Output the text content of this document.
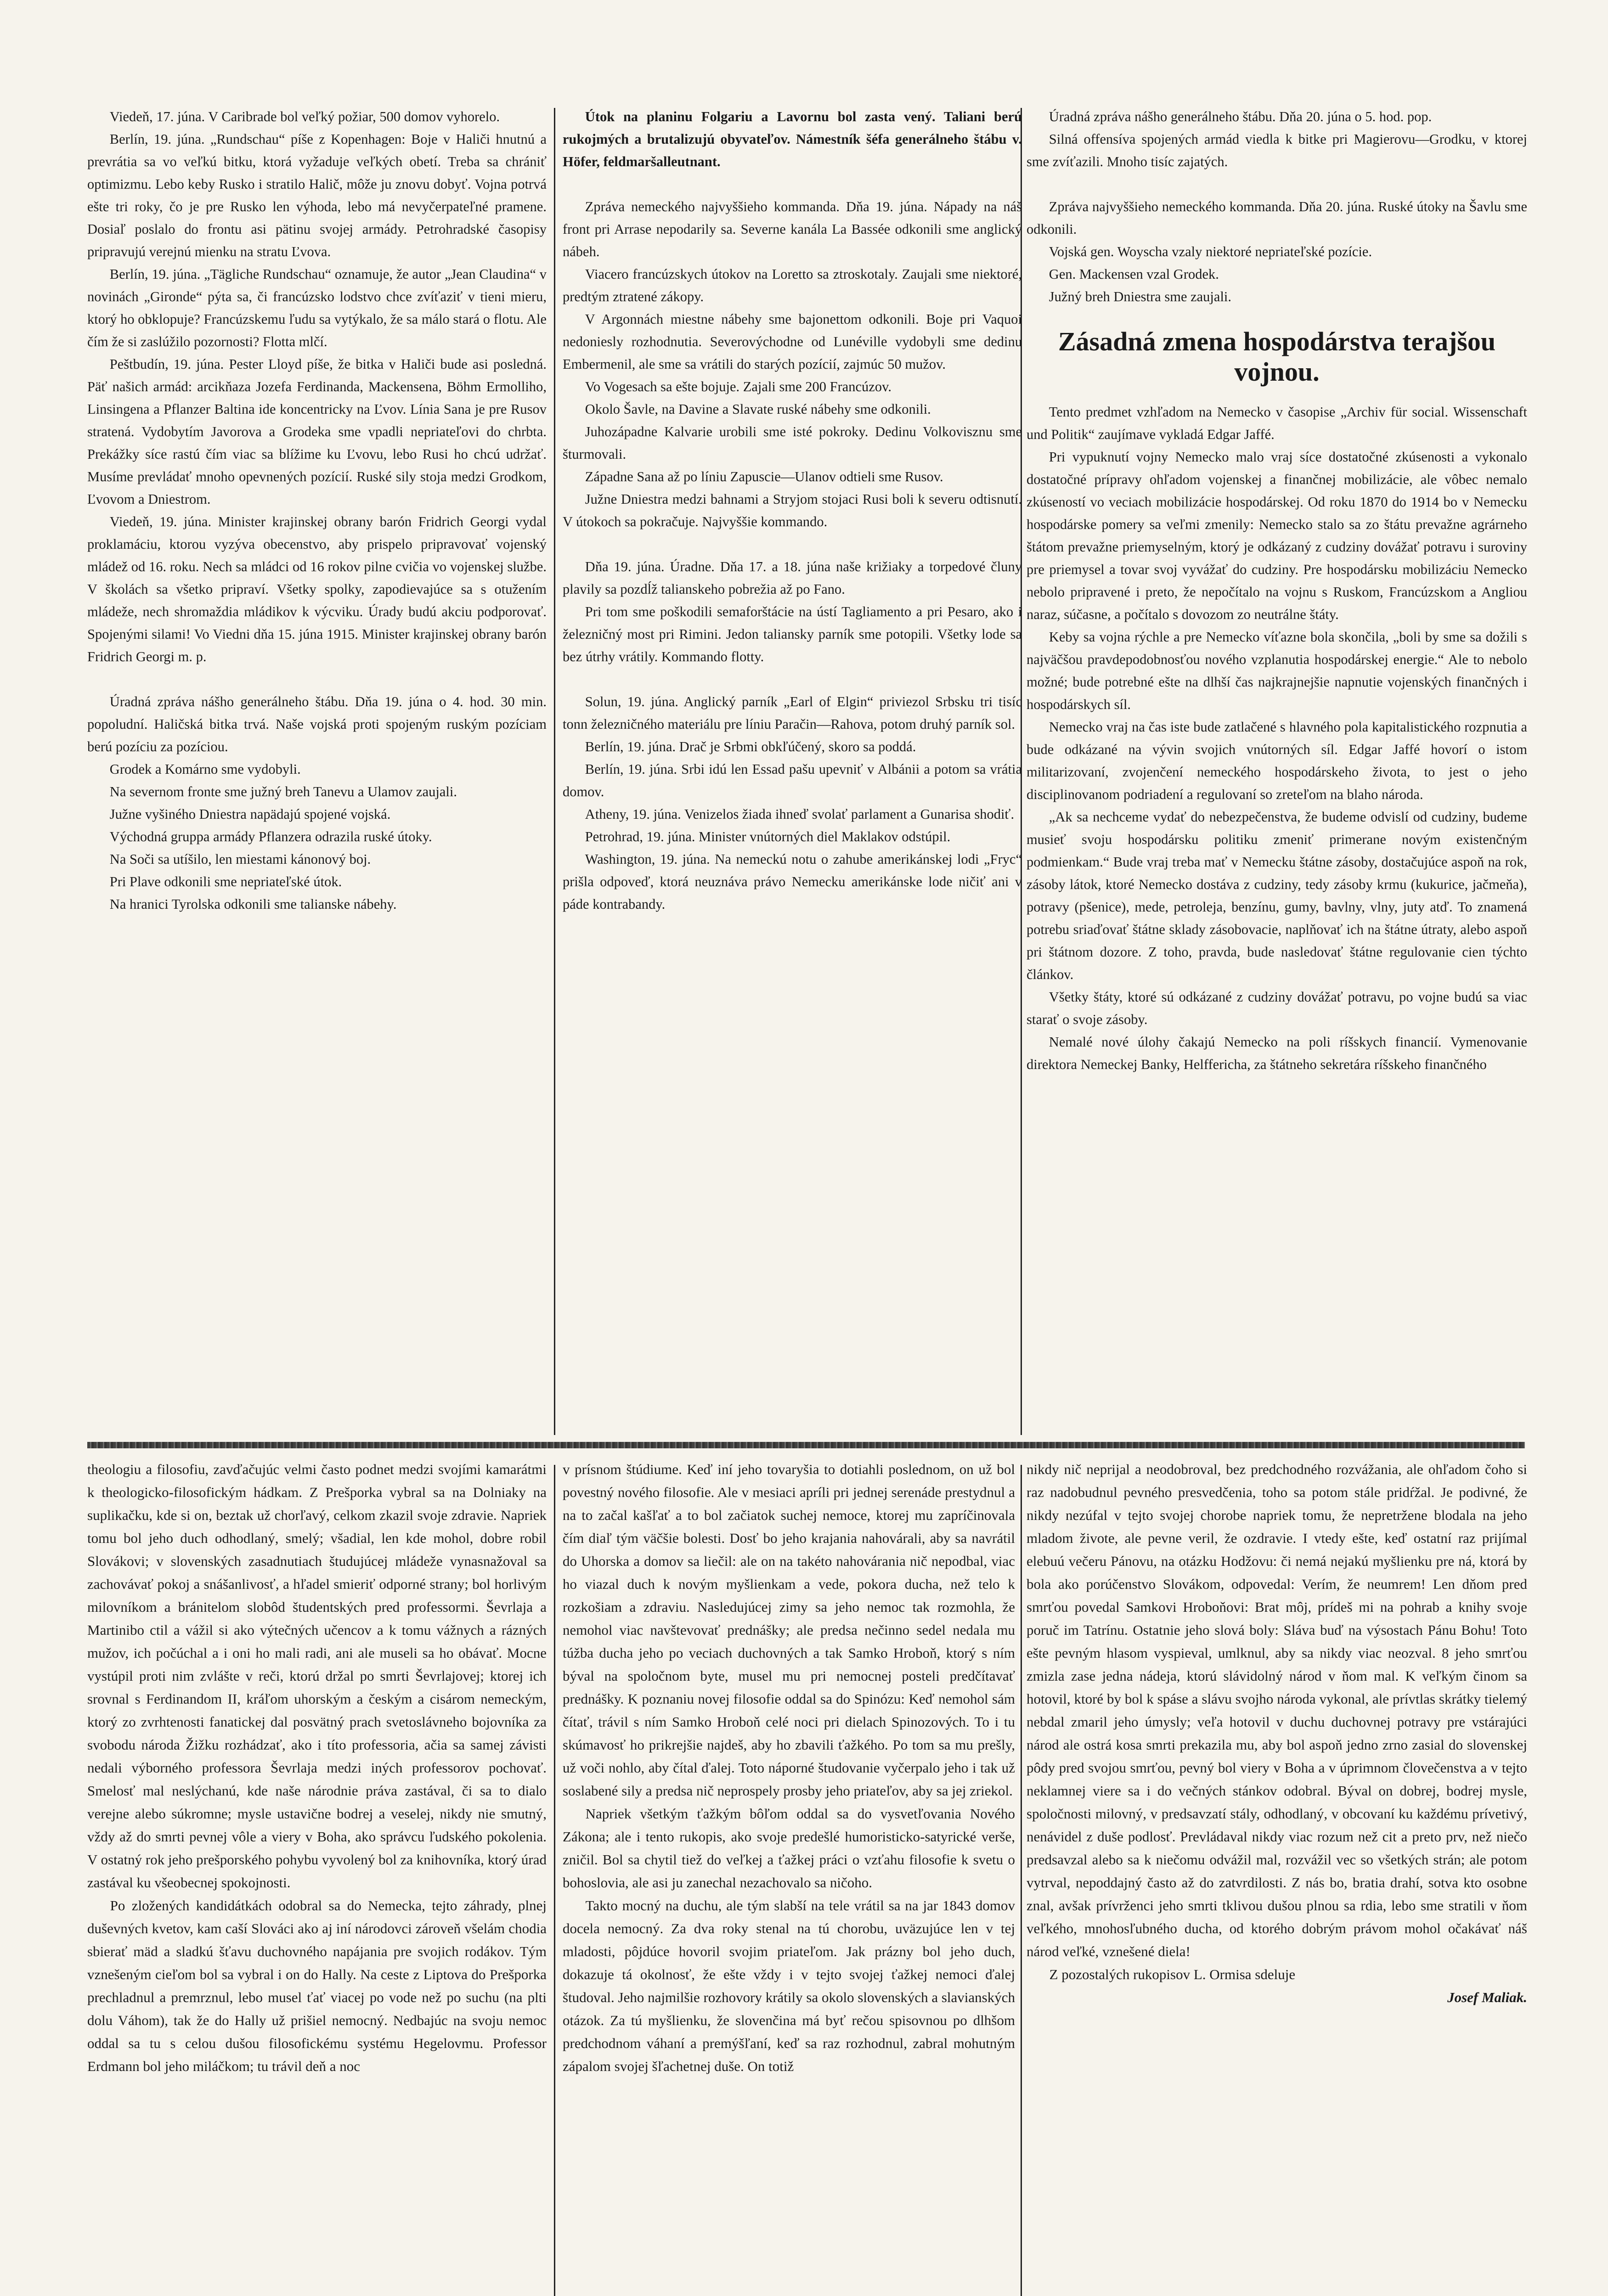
Viedeň, 17. júna. V Caribrade bol veľký požiar, 500 domov vyhorelo.

Berlín, 19. júna. „Rundschau“ píše z Kopenhagen: Boje v Haliči hnutnú a prevrátia sa vo veľkú bitku, ktorá vyžaduje veľkých obetí. Treba sa chrániť optimizmu. Lebo keby Rusko i stratilo Halič, môže ju znovu dobyť. Vojna potrvá ešte tri roky, čo je pre Rusko len výhoda, lebo má nevyčerpateľné pramene. Dosiaľ poslalo do frontu asi pätinu svojej armády. Petrohradské časopisy pripravujú verejnú mienku na stratu Ľvova.

Berlín, 19. júna. „Tägliche Rundschau“ oznamuje, že autor „Jean Claudina“ v novinách „Gironde“ pýta sa, či francúzsko lodstvo chce zvíťaziť v tieni mieru, ktorý ho obklopuje? Francúzskemu ľudu sa vytýkalo, že sa málo stará o flotu. Ale čím že si zaslúžilo pozornosti? Flotta mlčí.

Peštbudín, 19. júna. Pester Lloyd píše, že bitka v Haliči bude asi posledná. Päť našich armád: arcikňaza Jozefa Ferdinanda, Mackensena, Böhm Ermolliho, Linsingena a Pflanzer Baltina ide koncentricky na Ľvov. Línia Sana je pre Rusov stratená. Vydobytím Javorova a Grodeka sme vpadli nepriateľovi do chrbta. Prekážky síce rastú čím viac sa blížime ku Ľvovu, lebo Rusi ho chcú udržať. Musíme prevládať mnoho opevnených pozícií. Ruské sily stoja medzi Grodkom, Ľvovom a Dniestrom.

Viedeň, 19. júna. Minister krajinskej obrany barón Fridrich Georgi vydal proklamáciu, ktorou vyzýva obecenstvo, aby prispelo pripravovať vojenský mládež od 16. roku. Nech sa mládci od 16 rokov pilne cvičia vo vojenskej službe. V školách sa všetko pripraví. Všetky spolky, zapodievajúce sa s otužením mládeže, nech shromaždia mládikov k výcviku. Úrady budú akciu podporovať. Spojenými silami! Vo Viedni dňa 15. júna 1915. Minister krajinskej obrany barón Fridrich Georgi m. p.

Úradná zpráva nášho generálneho štábu. Dňa 19. júna o 4. hod. 30 min. popoludní. Haličská bitka trvá. Naše vojská proti spojeným ruským pozíciam berú pozíciu za pozíciou.

Grodek a Komárno sme vydobyli.

Na severnom fronte sme južný breh Tanevu a Ulamov zaujali.

Južne vyšiného Dniestra napädajú spojené vojská.

Východná gruppa armády Pflanzera odrazila ruské útoky.

Na Soči sa utíšilo, len miestami kánonový boj.

Pri Plave odkonili sme nepriateľské útok.

Na hranici Tyrolska odkonili sme talianske nábehy.

Útok na planinu Folgariu a Lavornu bol zasta vený. Taliani berú rukojmých a brutalizujú obyvateľov. Námestník šéfa generálneho štábu v. Höfer, feldmaršalleutnant.

Zpráva nemeckého najvyššieho kommanda. Dňa 19. júna. Nápady na náš front pri Arrase nepodarily sa. Severne kanála La Bassée odkonili sme anglický nábeh.

Viacero francúzskych útokov na Loretto sa ztroskotaly. Zaujali sme niektoré, predtým ztratené zákopy.

V Argonnách miestne nábehy sme bajonettom odkonili. Boje pri Vaquoi nedoniesly rozhodnutia. Severovýchodne od Lunéville vydobyli sme dedinu Embermenil, ale sme sa vrátili do starých pozícií, zajmúc 50 mužov.

Vo Vogesach sa ešte bojuje. Zajali sme 200 Francúzov.

Okolo Šavle, na Davine a Slavate ruské nábehy sme odkonili.

Juhozápadne Kalvarie urobili sme isté pokroky. Dedinu Volkovisznu sme šturmovali.

Západne Sana až po líniu Zapuscie—Ulanov odtieli sme Rusov.

Južne Dniestra medzi bahnami a Stryjom stojaci Rusi boli k severu odtisnutí. V útokoch sa pokračuje. Najvyššie kommando.

Dňa 19. júna. Úradne. Dňa 17. a 18. júna naše križiaky a torpedové čluny plavily sa pozdĺž talianskeho pobrežia až po Fano.

Pri tom sme poškodili semaforštácie na ústí Tagliamento a pri Pesaro, ako i železničný most pri Rimini. Jedon taliansky parník sme potopili. Všetky lode sa bez útrhy vrátily. Kommando flotty.

Solun, 19. júna. Anglický parník „Earl of Elgin“ priviezol Srbsku tri tisíc tonn železničného materiálu pre líniu Paračin—Rahova, potom druhý parník sol.

Berlín, 19. júna. Drač je Srbmi obkľúčený, skoro sa poddá.

Berlín, 19. júna. Srbi idú len Essad pašu upevniť v Albánii a potom sa vrátia domov.

Atheny, 19. júna. Venizelos žiada ihneď svolať parlament a Gunarisa shodiť.

Petrohrad, 19. júna. Minister vnútorných diel Maklakov odstúpil.

Washington, 19. júna. Na nemeckú notu o zahube amerikánskej lodi „Fryc“ prišla odpoveď, ktorá neuznáva právo Nemecku amerikánske lode ničiť ani v páde kontrabandy.

Úradná zpráva nášho generálneho štábu. Dňa 20. júna o 5. hod. pop.

Silná offensíva spojených armád viedla k bitke pri Magierovu—Grodku, v ktorej sme zvíťazili. Mnoho tisíc zajatých.

Zpráva najvyššieho nemeckého kommanda. Dňa 20. júna. Ruské útoky na Šavlu sme odkonili.

Vojská gen. Woyscha vzaly niektoré nepriateľské pozície.

Gen. Mackensen vzal Grodek.

Južný breh Dniestra sme zaujali.

Zásadná zmena hospodárstva terajšou vojnou.

Tento predmet vzhľadom na Nemecko v časopise „Archiv für social. Wissenschaft und Politik“ zaujímave vykladá Edgar Jaffé.

Pri vypuknutí vojny Nemecko malo vraj síce dostatočné zkúsenosti a vykonalo dostatočné prípravy ohľadom vojenskej a finančnej mobilizácie, ale vôbec nemalo zkúseností vo veciach mobilizácie hospodárskej. Od roku 1870 do 1914 bo v Nemecku hospodárske pomery sa veľmi zmenily: Nemecko stalo sa zo štátu prevažne agrárneho štátom prevažne priemyselným, ktorý je odkázaný z cudziny dovážať potravu i suroviny pre priemysel a tovar svoj vyvážať do cudziny. Pre hospodársku mobilizáciu Nemecko nebolo pripravené i preto, že nepočítalo na vojnu s Ruskom, Francúzskom a Angliou naraz, súčasne, a počítalo s dovozom zo neutrálne štáty.

Keby sa vojna rýchle a pre Nemecko víťazne bola skončila, „boli by sme sa dožili s najväčšou pravdepodobnosťou nového vzplanutia hospodárskej energie.“ Ale to nebolo možné; bude potrebné ešte na dlhší čas najkrajnejšie napnutie vojenských finančných i hospodárskych síl.

Nemecko vraj na čas iste bude zatlačené s hlavného pola kapitalistického rozpnutia a bude odkázané na vývin svojich vnútorných síl. Edgar Jaffé hovorí o istom militarizovaní, zvojenčení nemeckého hospodárskeho života, to jest o jeho disciplinovanom podriadení a regulovaní so zreteľom na blaho národa.

„Ak sa nechceme vydať do nebezpečenstva, že budeme odvislí od cudziny, budeme musieť svoju hospodársku politiku zmeniť primerane novým existenčným podmienkam.“ Bude vraj treba mať v Nemecku štátne zásoby, dostačujúce aspoň na rok, zásoby látok, ktoré Nemecko dostáva z cudziny, tedy zásoby krmu (kukurice, jačmeňa), potravy (pšenice), mede, petroleja, benzínu, gumy, bavlny, vlny, juty atď. To znamená potrebu sriaďovať štátne sklady zásobovacie, naplňovať ich na štátne útraty, alebo aspoň pri štátnom dozore. Z toho, pravda, bude nasledovať štátne regulovanie cien týchto článkov.

Všetky štáty, ktoré sú odkázané z cudziny dovážať potravu, po vojne budú sa viac starať o svoje zásoby.

Nemalé nové úlohy čakajú Nemecko na poli ríšskych financií. Vymenovanie direktora Nemeckej Banky, Helffericha, za štátneho sekretára ríšskeho finančného

theologiu a filosofiu, zavďačujúc velmi často podnet medzi svojími kamarátmi k theologicko-filosofickým hádkam. Z Prešporka vybral sa na Dolniaky na suplikačku, kde si on, beztak už chorľavý, celkom zkazil svoje zdravie. Napriek tomu bol jeho duch odhodlaný, smelý; všadial, len kde mohol, dobre robil Slovákovi; v slovenských zasadnutiach študujúcej mládeže vynasnažoval sa zachovávať pokoj a snášanlivosť, a hľadel smieriť odporné strany; bol horlivým milovníkom a bránitelom slobôd študentských pred professormi. Ševrlaja a Martinibo ctil a vážil si ako výtečných učencov a k tomu vážnych a rázných mužov, ich počúchal a i oni ho mali radi, ani ale museli sa ho obávať. Mocne vystúpil proti nim zvlášte v reči, ktorú držal po smrti Ševrlajovej; ktorej ich srovnal s Ferdinandom II, kráľom uhorským a českým a cisárom nemeckým, ktorý zo zvrhtenosti fanatickej dal posvätný prach svetoslávneho bojovníka za svobodu národa Žižku rozhádzať, ako i títo professoria, ačia sa samej závisti nedali výborného professora Ševrlaja medzi iných professorov pochovať. Smelosť mal neslýchanú, kde naše národnie práva zastával, či sa to dialo verejne alebo súkromne; mysle ustavične bodrej a veselej, nikdy nie smutný, vždy až do smrti pevnej vôle a viery v Boha, ako správcu ľudského pokolenia. V ostatný rok jeho prešporského pohybu vyvolený bol za knihovníka, ktorý úrad zastával ku všeobecnej spokojnosti.

Po zložených kandidátkách odobral sa do Nemecka, tejto záhrady, plnej duševných kvetov, kam caší Slováci ako aj iní národovci zároveň všelám chodia sbierať mäd a sladkú šťavu duchovného napájania pre svojich rodákov. Tým vznešeným cieľom bol sa vybral i on do Hally. Na ceste z Liptova do Prešporka prechladnul a premrznul, lebo musel ťať viacej po vode než po suchu (na plti dolu Váhom), tak že do Hally už prišiel nemocný. Nedbajúc na svoju nemoc oddal sa tu s celou dušou filosofickému systému Hegelovmu. Professor Erdmann bol jeho miláčkom; tu trávil deň a noc

v prísnom štúdiume. Keď iní jeho tovaryšia to dotiahli poslednom, on už bol povestný nového filosofie. Ale v mesiaci apríli pri jednej serenáde prestydnul a na to začal kašľať a to bol začiatok suchej nemoce, ktorej mu zapríčinovala čím diaľ tým väčšie bolesti. Dosť bo jeho krajania nahovárali, aby sa navrátil do Uhorska a domov sa liečil: ale on na takéto nahovárania nič nepodbal, viac ho viazal duch k novým myšlienkam a vede, pokora ducha, než telo k rozkošiam a zdraviu. Nasledujúcej zimy sa jeho nemoc tak rozmohla, že nemohol viac navštevovať prednášky; ale predsa nečinno sedel nedala mu túžba ducha jeho po veciach duchovných a tak Samko Hroboň, ktorý s ním býval na spoločnom byte, musel mu pri nemocnej posteli predčítavať prednášky. K poznaniu novej filosofie oddal sa do Spinózu: Keď nemohol sám čítať, trávil s ním Samko Hroboň celé noci pri dielach Spinozových. To i tu skúmavosť ho prikrejšie najdeš, aby ho zbavili ťažkého. Po tom sa mu prešly, už voči nohlo, aby čítal ďalej. Toto náporné študovanie vyčerpalo jeho i tak už soslabené sily a predsa nič neprospely prosby jeho priateľov, aby sa jej zriekol.

Napriek všetkým ťažkým bôľom oddal sa do vysvetľovania Nového Zákona; ale i tento rukopis, ako svoje predešlé humoristicko-satyrické verše, zničil. Bol sa chytil tiež do veľkej a ťažkej práci o vzťahu filosofie k svetu o bohoslovia, ale asi ju zanechal nezachovalo sa ničoho.

Takto mocný na duchu, ale tým slabší na tele vrátil sa na jar 1843 domov docela nemocný. Za dva roky stenal na tú chorobu, uväzujúce len v tej mladosti, pôjdúce hovoril svojim priateľom. Jak prázny bol jeho duch, dokazuje tá okolnosť, že ešte vždy i v tejto svojej ťažkej nemoci ďalej študoval. Jeho najmilšie rozhovory krátily sa okolo slovenských a slavianských otázok. Za tú myšlienku, že slovenčina má byť rečou spisovnou po dlhšom predchodnom váhaní a premýšľaní, keď sa raz rozhodnul, zabral mohutným zápalom svojej šľachetnej duše. On totiž

nikdy nič neprijal a neodobroval, bez predchodného rozvážania, ale ohľadom čoho si raz nadobudnul pevného presvedčenia, toho sa potom stále pridŕžal. Je podivné, že nikdy nezúfal v tejto svojej chorobe napriek tomu, že nepretržene blodala na jeho mladom živote, ale pevne veril, že ozdravie. I vtedy ešte, keď ostatní raz prijímal elebuú večeru Pánovu, na otázku Hodžovu: či nemá nejakú myšlienku pre ná, ktorá by bola ako porúčenstvo Slovákom, odpovedal: Verím, že neumrem! Len dňom pred smrťou povedal Samkovi Hroboňovi: Brat môj, prídeš mi na pohrab a knihy svoje poruč im Tatrínu. Ostatnie jeho slová boly: Sláva buď na výsostach Pánu Bohu! Toto ešte pevným hlasom vyspieval, umlknul, aby sa nikdy viac neozval. 8 jeho smrťou zmizla zase jedna nádeja, ktorú slávidolný národ v ňom mal. K veľkým činom sa hotovil, ktoré by bol k spáse a slávu svojho národa vykonal, ale prívtlas skrátky tielemý nebdal zmaril jeho úmysly; veľa hotovil v duchu duchovnej potravy pre vstárajúci národ ale ostrá kosa smrti prekazila mu, aby bol aspoň jedno zrno zasial do slovenskej pôdy pred svojou smrťou, pevný bol viery v Boha a v úprimnom človečenstva a v tejto neklamnej viere sa i do večných stánkov odobral. Býval on dobrej, bodrej mysle, spoločnosti milovný, v predsavzatí stály, odhodlaný, v obcovaní ku každému prívetivý, nenávidel z duše podlosť. Prevládaval nikdy viac rozum než cit a preto prv, než niečo predsavzal alebo sa k niečomu odvážil mal, rozvážil vec so všetkých strán; ale potom vytrval, nepoddajný často až do zatvrdilosti. Z nás bo, bratia drahí, sotva kto osobne znal, avšak prívrženci jeho smrti tklivou dušou plnou sa rdia, lebo sme stratili v ňom veľkého, mnohosľubného ducha, od ktorého dobrým právom mohol očakávať náš národ veľké, vznešené diela!

Z pozostalých rukopisov L. Ormisa sdeluje

Josef Maliak.
